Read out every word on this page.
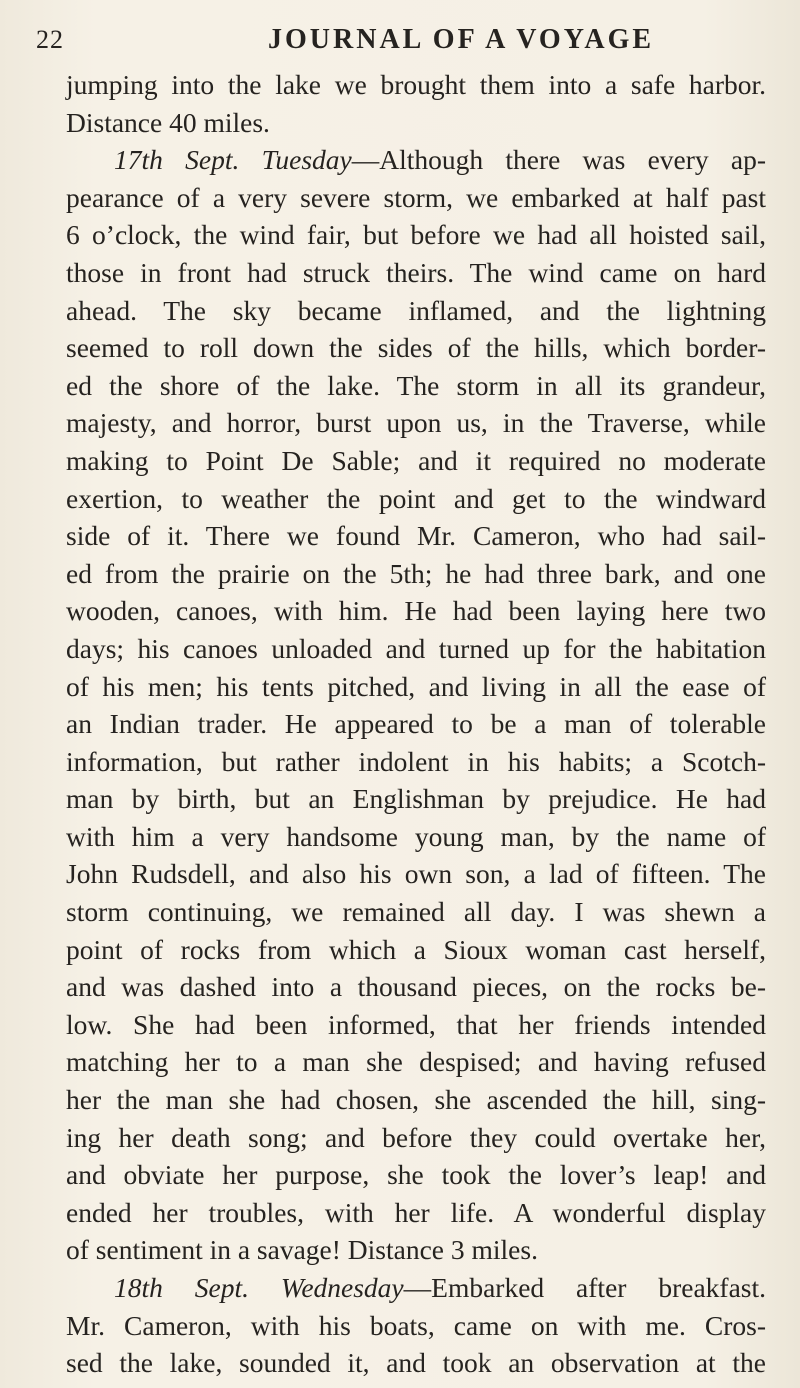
22	JOURNAL OF A VOYAGE
jumping into the lake we brought them into a safe harbor.
Distance 40 miles.
17th Sept. Tuesday—Although there was every ap-
pearance of a very severe storm, we embarked at half past
6 o’clock, the wind fair, but before we had all hoisted sail,
those in front had struck theirs. The wind came on hard
ahead. The sky became inflamed, and the lightning
seemed to roll down the sides of the hills, which border-
ed the shore of the lake. The storm in all its grandeur,
majesty, and horror, burst upon us, in the Traverse, while
making to Point De Sable; and it required no moderate
exertion, to weather the point and get to the windward
side of it. There we found Mr. Cameron, who had sail-
ed from the prairie on the 5th; he had three bark, and one
wooden, canoes, with him. He had been laying here two
days; his canoes unloaded and turned up for the habitation
of his men; his tents pitched, and living in all the ease of
an Indian trader. He appeared to be a man of tolerable
information, but rather indolent in his habits; a Scotch-
man by birth, but an Englishman by prejudice. He had
with him a very handsome young man, by the name of
John Rudsdell, and also his own son, a lad of fifteen. The
storm continuing, we remained all day. I was shewn a
point of rocks from which a Sioux woman cast herself,
and was dashed into a thousand pieces, on the rocks be-
low. She had been informed, that her friends intended
matching her to a man she despised; and having refused
her the man she had chosen, she ascended the hill, sing-
ing her death song; and before they could overtake her,
and obviate her purpose, she took the lover’s leap! and
ended her troubles, with her life. A wonderful display
of sentiment in a savage! Distance 3 miles.
18th Sept. Wednesday—Embarked after breakfast.
Mr. Cameron, with his boats, came on with me. Cros-
sed the lake, sounded it, and took an observation at the
